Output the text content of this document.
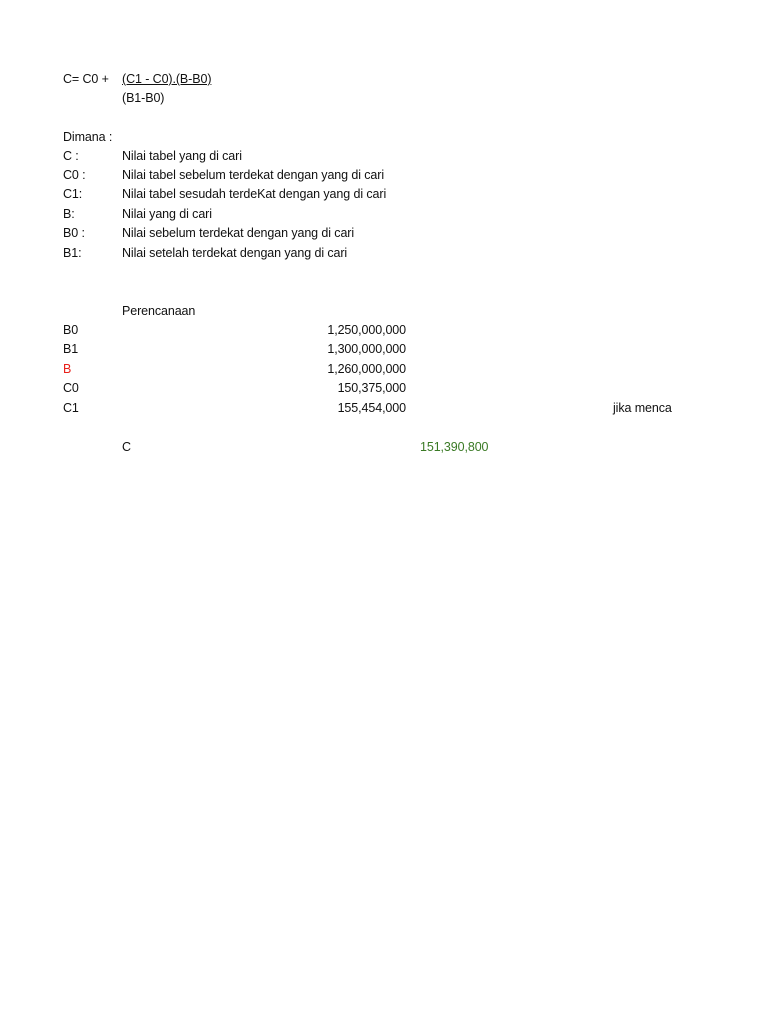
C= C0 + (C1 - C0).(B-B0)
(B1-B0)
Dimana :
C :	Nilai tabel yang di cari
C0 :	Nilai tabel sebelum terdekat dengan yang di cari
C1:	Nilai tabel sesudah terdeKat dengan yang di cari
B:	Nilai yang di cari
B0 :	Nilai sebelum terdekat dengan yang di cari
B1:	Nilai setelah terdekat dengan yang di cari
Perencanaan
B0	1,250,000,000
B1	1,300,000,000
B	1,260,000,000
C0	150,375,000
C1	155,454,000	jika menca
C	151,390,800
